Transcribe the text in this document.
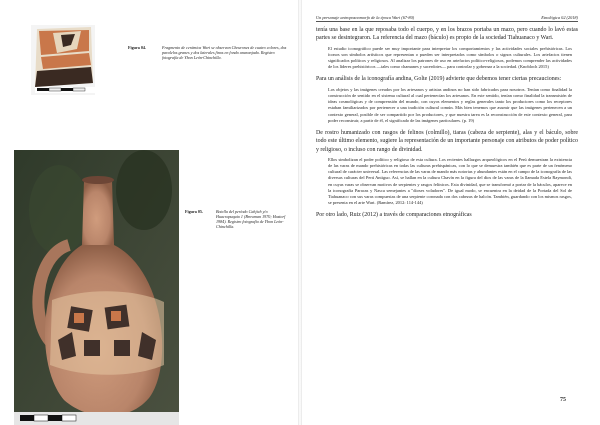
Figura 04.	Fragmento de cerámica Wari se observan Cheurones de cuatro colores, dos paralelos granes y dos laterales finos en fondo anaranjado. Registro fotografía de Ybon León-Chinchilla.
Figura 05.	Botella del período Cahjich y/o Huacrapuquio 1 (Browman 1970; Hastorf 1984). Registro fotografía de Ybon León-Chinchilla.
Un personaje antropozoomorfo de la época Wari (67-80)	Etnológica 02 (2018)

tenía una base en la que reposaba todo el cuerpo, y en los brazos portaba un mazo, pero cuando lo lavó estas partes se desintegraron. La referencia del mazo (báculo) es propio de la sociedad Tiahuanaco y Wari.

El estudio iconográfico puede ser muy importante para interpretar los comportamientos y las actividades sociales prehistóricas. Los íconos son símbolos artísticos que representan o pueden ser interpretados como símbolos o signos culturales. Los artefactos tienen significados políticos y religiosos. Al analizar los patrones de uso en artefactos político-religiosos, podemos comprender las actividades de los líderes prehistóricos —tales como chamanes y sacerdotes— para controlar y gobernar a la sociedad. (Knobloch 2015)

Para un análisis de la iconografía andina, Golte (2019) advierte que debemos tener ciertas precauciones:

Los objetos y las imágenes creados por los artesanos y artistas andinos no han sido fabricados para nosotros. Tenían como finalidad la construcción de sentido en el sistema cultural al cual pertenecían los artesanos. En este sentido, tenían como finalidad la transmisión de ideas cosmológicas y de comprensión del mundo, con cuyos elementos y reglas generales tanto los productores como los receptores estaban familiarizados por pertenecer a una tradición cultural común. Más bien tenemos que asumir que las imágenes pertenecen a un contexto general, posible de ser compartido por los productores, y que nuestra tarea es la reconstrucción de este contexto general, para poder reconstruir, a partir de él, el significado de las imágenes particulares. (p. 19)

De rostro humanizado con rasgos de felinos (colmillo), tiaras (cabeza de serpiente), alas y el báculo, sobre todo este último elemento, sugiere la representación de un importante personaje con atributos de poder político y religioso, o incluso con rango de divinidad.

Ellos simbolizan el poder político y religioso de esta cultura. Los recientes hallazgos arqueológicos en el Perú demuestran la existencia de las varas de mando prehistóricas en todas las culturas prehispánicas, con lo que se demuestra también que es parte de un fenómeno cultural de carácter universal. Las referencias de las varas de mando más notorias y abundantes están en el campo de la iconografía de las diversas culturas del Perú Antiguo. Así, se hallan en la cultura Chavín en la figura del dios de las varas de la llamada Estela Raymondi, en cuyas varas se observan motivos de serpientes y rasgos felínicos. Esta divinidad, que se transformó a portar de la báculos, aparece en la iconografía Paracas y Nasca semejantes a "dioses voladores". De igual modo, se encuentra en la deidad de la Portada del Sol de Tiahuanaco con sus varas compuestas de una serpiente coronada con dos cabezas de halcón. También, guardando con los mismos rasgos, se presenta en el arte Wari. (Ramírez, 2012: 114-144)

Por otro lado, Ruiz (2012) a través de comparaciones etnográficas

75
